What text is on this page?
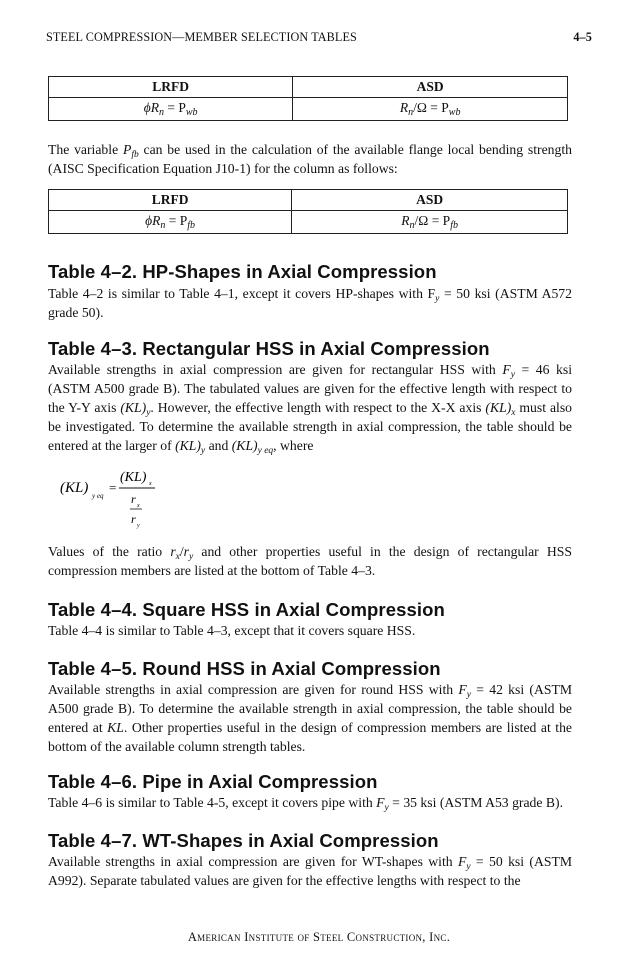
STEEL COMPRESSION—MEMBER SELECTION TABLES	4–5
LRFD	ASD
$\phi R_n = P_{wb}$	$R_n/\Omega = P_{wb}$
The variable $P_{fb}$ can be used in the calculation of the available flange local bending strength (AISC Specification Equation J10-1) for the column as follows:
LRFD	ASD
$\phi R_n = P_{fb}$	$R_n/\Omega = P_{fb}$
Table 4–2. HP-Shapes in Axial Compression
Table 4–2 is similar to Table 4–1, except it covers HP-shapes with $F_y = 50$ ksi (ASTM A572 grade 50).
Table 4–3. Rectangular HSS in Axial Compression
Available strengths in axial compression are given for rectangular HSS with $F_y = 46$ ksi (ASTM A500 grade B). The tabulated values are given for the effective length with respect to the Y-Y axis $(KL)_y$. However, the effective length with respect to the X-X axis $(KL)_x$ must also be investigated. To determine the available strength in axial compression, the table should be entered at the larger of $(KL)_y$ and $(KL)_{y eq}$, where
(KL) y eq
=
(KL) x
r x
r y
Values of the ratio $r_x/r_y$ and other properties useful in the design of rectangular HSS compression members are listed at the bottom of Table 4–3.
Table 4–4. Square HSS in Axial Compression
Table 4–4 is similar to Table 4–3, except that it covers square HSS.
Table 4–5. Round HSS in Axial Compression
Available strengths in axial compression are given for round HSS with $F_y = 42$ ksi (ASTM A500 grade B). To determine the available strength in axial compression, the table should be entered at KL. Other properties useful in the design of compression members are listed at the bottom of the available column strength tables.
Table 4–6. Pipe in Axial Compression
Table 4–6 is similar to Table 4-5, except it covers pipe with $F_y = 35$ ksi (ASTM A53 grade B).
Table 4–7. WT-Shapes in Axial Compression
Available strengths in axial compression are given for WT-shapes with $F_y = 50$ ksi (ASTM A992). Separate tabulated values are given for the effective lengths with respect to the
American Institute of Steel Construction, Inc.
